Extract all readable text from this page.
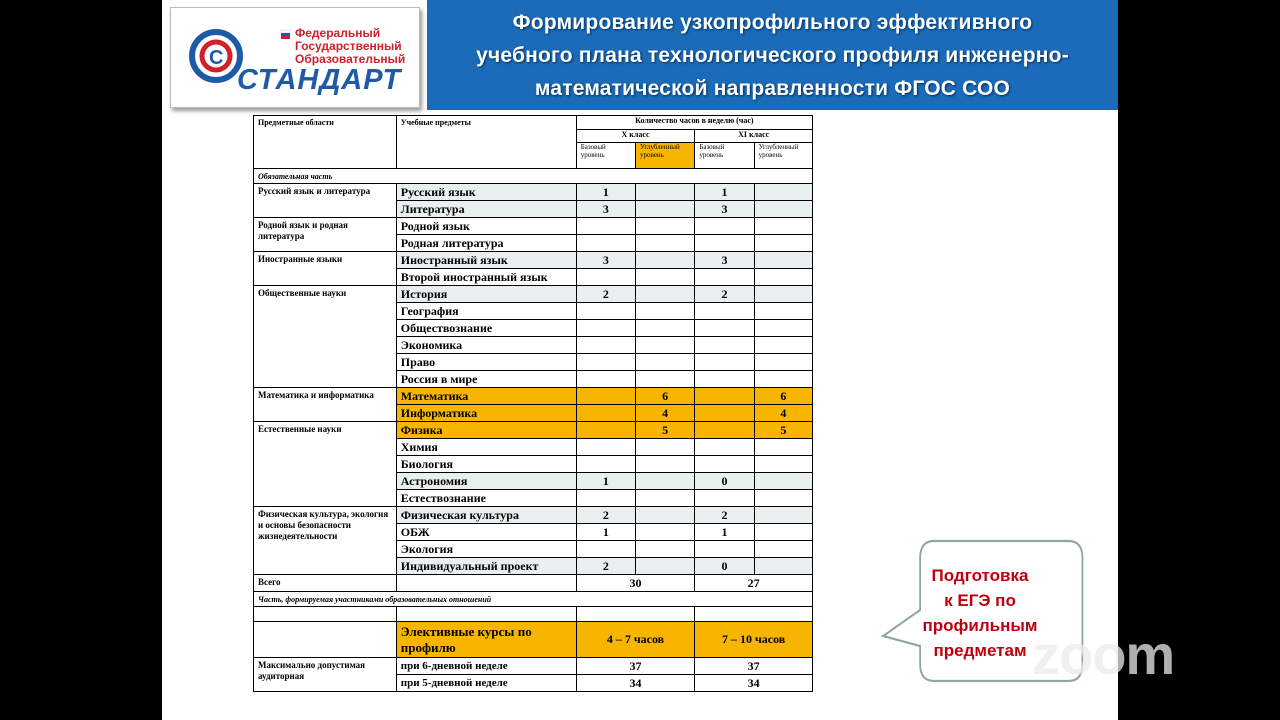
С
Федеральный
Государственный
Образовательный
СТАНДАРТ
Формирование узкопрофильного эффективного
учебного плана технологического профиля инженерно-
математической направленности ФГОС СОО
Предметные области	Учебные предметы	Количество часов в неделю (час)			
		X класс		XI класс	
		Базовый уровень	Углубленный уровень	Базовый уровень	Углубленный уровень
Обязательная часть					
Русский язык и литература	Русский язык	1		1	
	Литература	3		3	
Родной язык и родная литература	Родной язык				
	Родная литература				
Иностранные языки	Иностранный язык	3		3	
	Второй иностранный язык				
Общественные науки	История	2		2	
	География				
	Обществознание				
	Экономика				
	Право				
	Россия в мире				
Математика и информатика	Математика		6		6
	Информатика		4		4
Естественные науки	Физика		5		5
	Химия				
	Биология				
	Астрономия	1		0	
	Естествознание				
Физическая культура, экология и основы безопасности жизнедеятельности	Физическая культура	2		2	
	ОБЖ	1		1	
	Экология				
	Индивидуальный проект	2		0	
Всего		30		27	
Часть, формируемая участниками образовательных отношений					

	Элективные курсы по профилю	4 – 7 часов		7 – 10 часов	
Максимально допустимая аудиторная	при 6-дневной неделе	37		37	
	при 5-дневной неделе	34		34	
Подготовка
к ЕГЭ по
профильным
предметам zoom
